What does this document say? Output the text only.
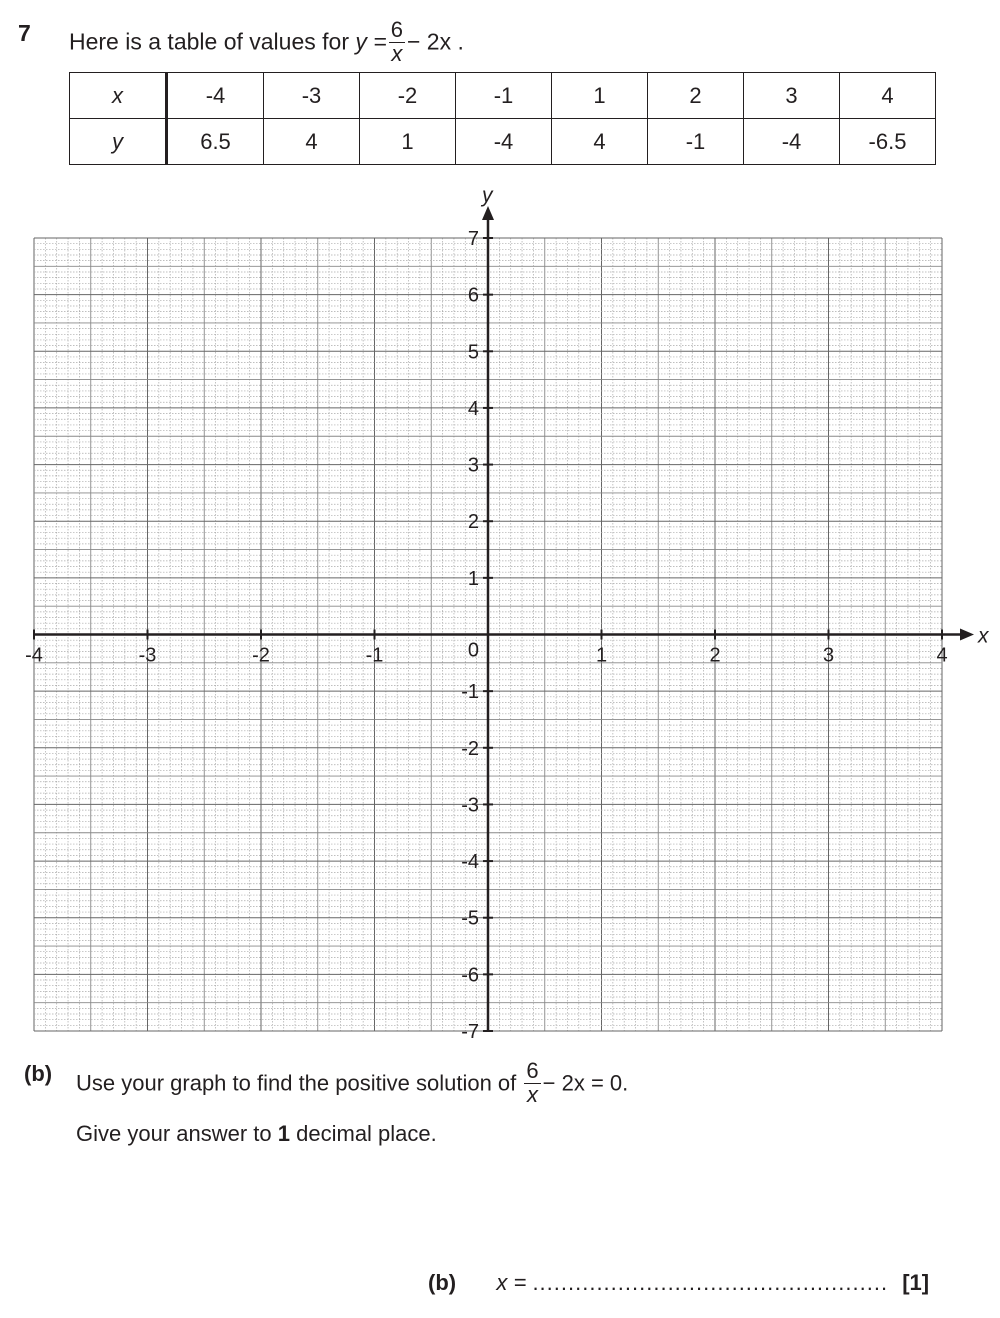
7 Here is a table of values for $y = \frac{6}{x} - 2x$ .
x	-4	-3	-2	-1	1	2	3	4
y	6.5	4	1	-4	4	-1	-4	-6.5
x
y
-4	-3	-2	-1	1	2	3	4
7
6
5
4
3
2
1
-1
-2
-3
-4
-5
-6
-7
0
(b) Use your graph to find the positive solution of $\frac{6}{x} - 2x = 0$.
Give your answer to 1 decimal place.
(b) x = .................................................. [1]
